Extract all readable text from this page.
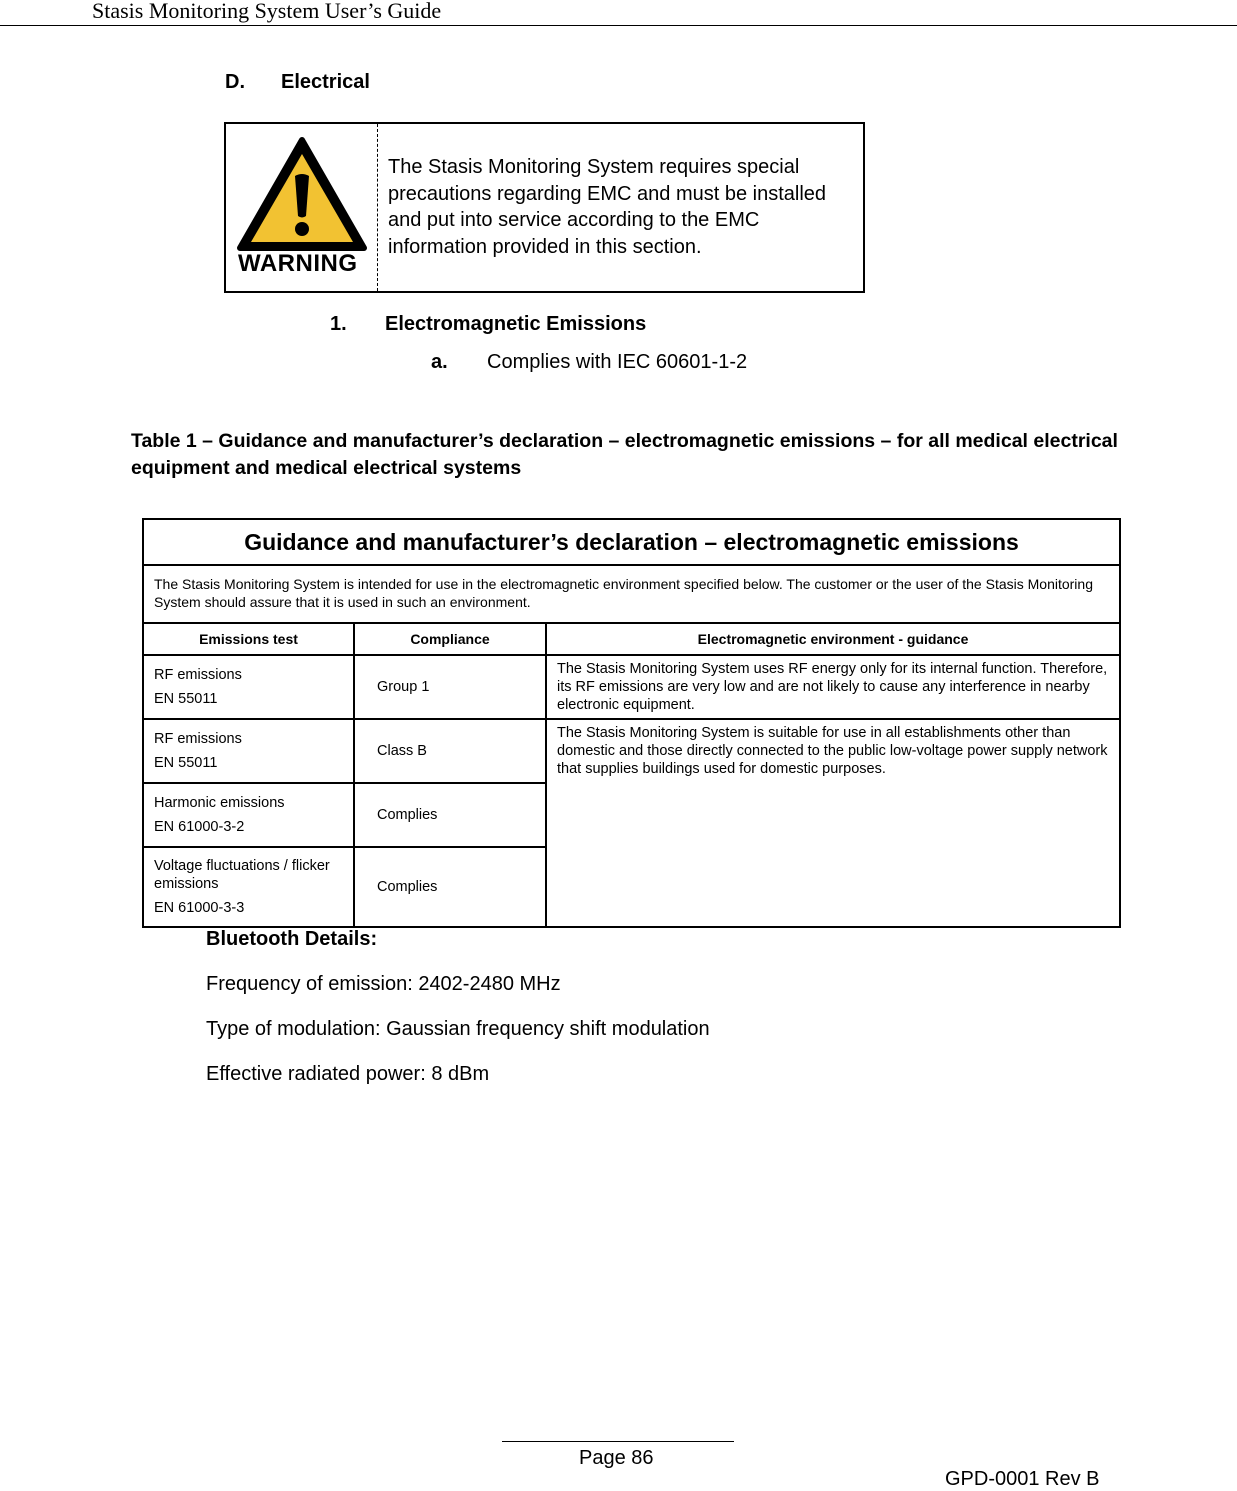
Stasis Monitoring System User’s Guide
D. Electrical
WARNING
The Stasis Monitoring System requires special precautions regarding EMC and must be installed and put into service according to the EMC information provided in this section.
1. Electromagnetic Emissions
a. Complies with IEC 60601-1-2
Table 1 – Guidance and manufacturer’s declaration – electromagnetic emissions – for all medical electrical equipment and medical electrical systems
Guidance and manufacturer’s declaration – electromagnetic emissions		
The Stasis Monitoring System is intended for use in the electromagnetic environment specified below. The customer or the user of the Stasis Monitoring System should assure that it is used in such an environment.		
Emissions test	Compliance	Electromagnetic environment - guidance

RF emissions
EN 55011	Group 1	The Stasis Monitoring System uses RF energy only for its internal function. Therefore, its RF emissions are very low and are not likely to cause any interference in nearby electronic equipment.

RF emissions
EN 55011	Class B	The Stasis Monitoring System is suitable for use in all establishments other than domestic and those directly connected to the public low-voltage power supply network that supplies buildings used for domestic purposes.

Harmonic emissions
EN 61000-3-2	Complies	

Voltage fluctuations / flicker emissions
EN 61000-3-3	Complies	
Bluetooth Details:
Frequency of emission: 2402-2480 MHz
Type of modulation: Gaussian frequency shift modulation
Effective radiated power: 8 dBm
Page 86
GPD-0001 Rev B
